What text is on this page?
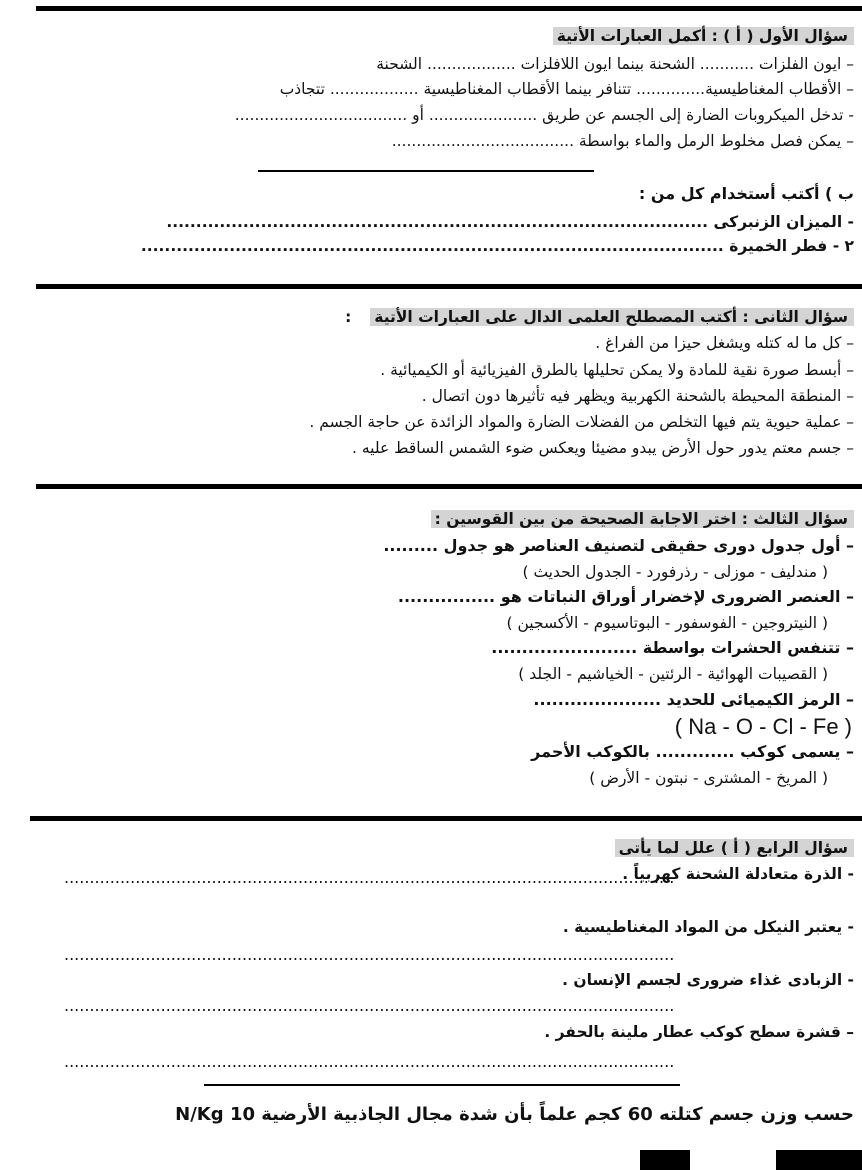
سؤال الأول ( أ ) : أكمل العبارات الأتية
– ايون الفلزات ........... الشحنة بينما ايون اللافلزات .................. الشحنة
– الأقطاب المغناطيسية.............. تتنافر بينما الأقطاب المغناطيسية .................. تتجاذب
- تدخل الميكروبات الضارة إلى الجسم عن طريق ...................... أو ...................................
– يمكن فصل مخلوط الرمل والماء بواسطة .....................................
ب ) أكتب أستخدام كل من :
- الميزان الزنبركى ............................................................................................
٢ - فطر الخميرة ...................................................................................................
سؤال الثانى : أكتب المصطلح العلمى الدال على العبارات الأتية :
– كل ما له كتله ويشغل حيزا من الفراغ .
– أبسط صورة نقية للمادة ولا يمكن تحليلها بالطرق الفيزيائية أو الكيميائية .
– المنطقة المحيطة بالشحنة الكهربية ويظهر فيه تأثيرها دون اتصال .
– عملية حيوية يتم فيها التخلص من الفضلات الضارة والمواد الزائدة عن حاجة الجسم .
– جسم معتم يدور حول الأرض يبدو مضيئا ويعكس ضوء الشمس الساقط عليه .
سؤال الثالث : اختر الاجابة الصحيحة من بين القوسين :
– أول جدول دورى حقيقى لتصنيف العناصر هو جدول .........
( مندليف - موزلى - رذرفورد - الجدول الحديث )
– العنصر الضرورى لإخضرار أوراق النباتات هو ................
( النيتروجين - الفوسفور - البوتاسيوم - الأكسجين )
– تتنفس الحشرات بواسطة ........................
( القصيبات الهوائية - الرئتين - الخياشيم - الجلد )
– الرمز الكيميائى للحديد .....................
( Na - O - Cl - Fe )
– يسمى كوكب ............. بالكوكب الأحمر
( المريخ - المشترى - نبتون - الأرض )
سؤال الرابع ( أ ) علل لما يأتى
- الذرة متعادلة الشحنة كهربياً .
........................................................................................................................
- يعتبر النيكل من المواد المغناطيسية .
........................................................................................................................
- الزبادى غذاء ضرورى لجسم الإنسان .
........................................................................................................................
– قشرة سطح كوكب عطار ملينة بالحفر .
........................................................................................................................
حسب وزن جسم كتلته 60 كجم علماً بأن شدة مجال الجاذبية الأرضية 10 N/Kg
